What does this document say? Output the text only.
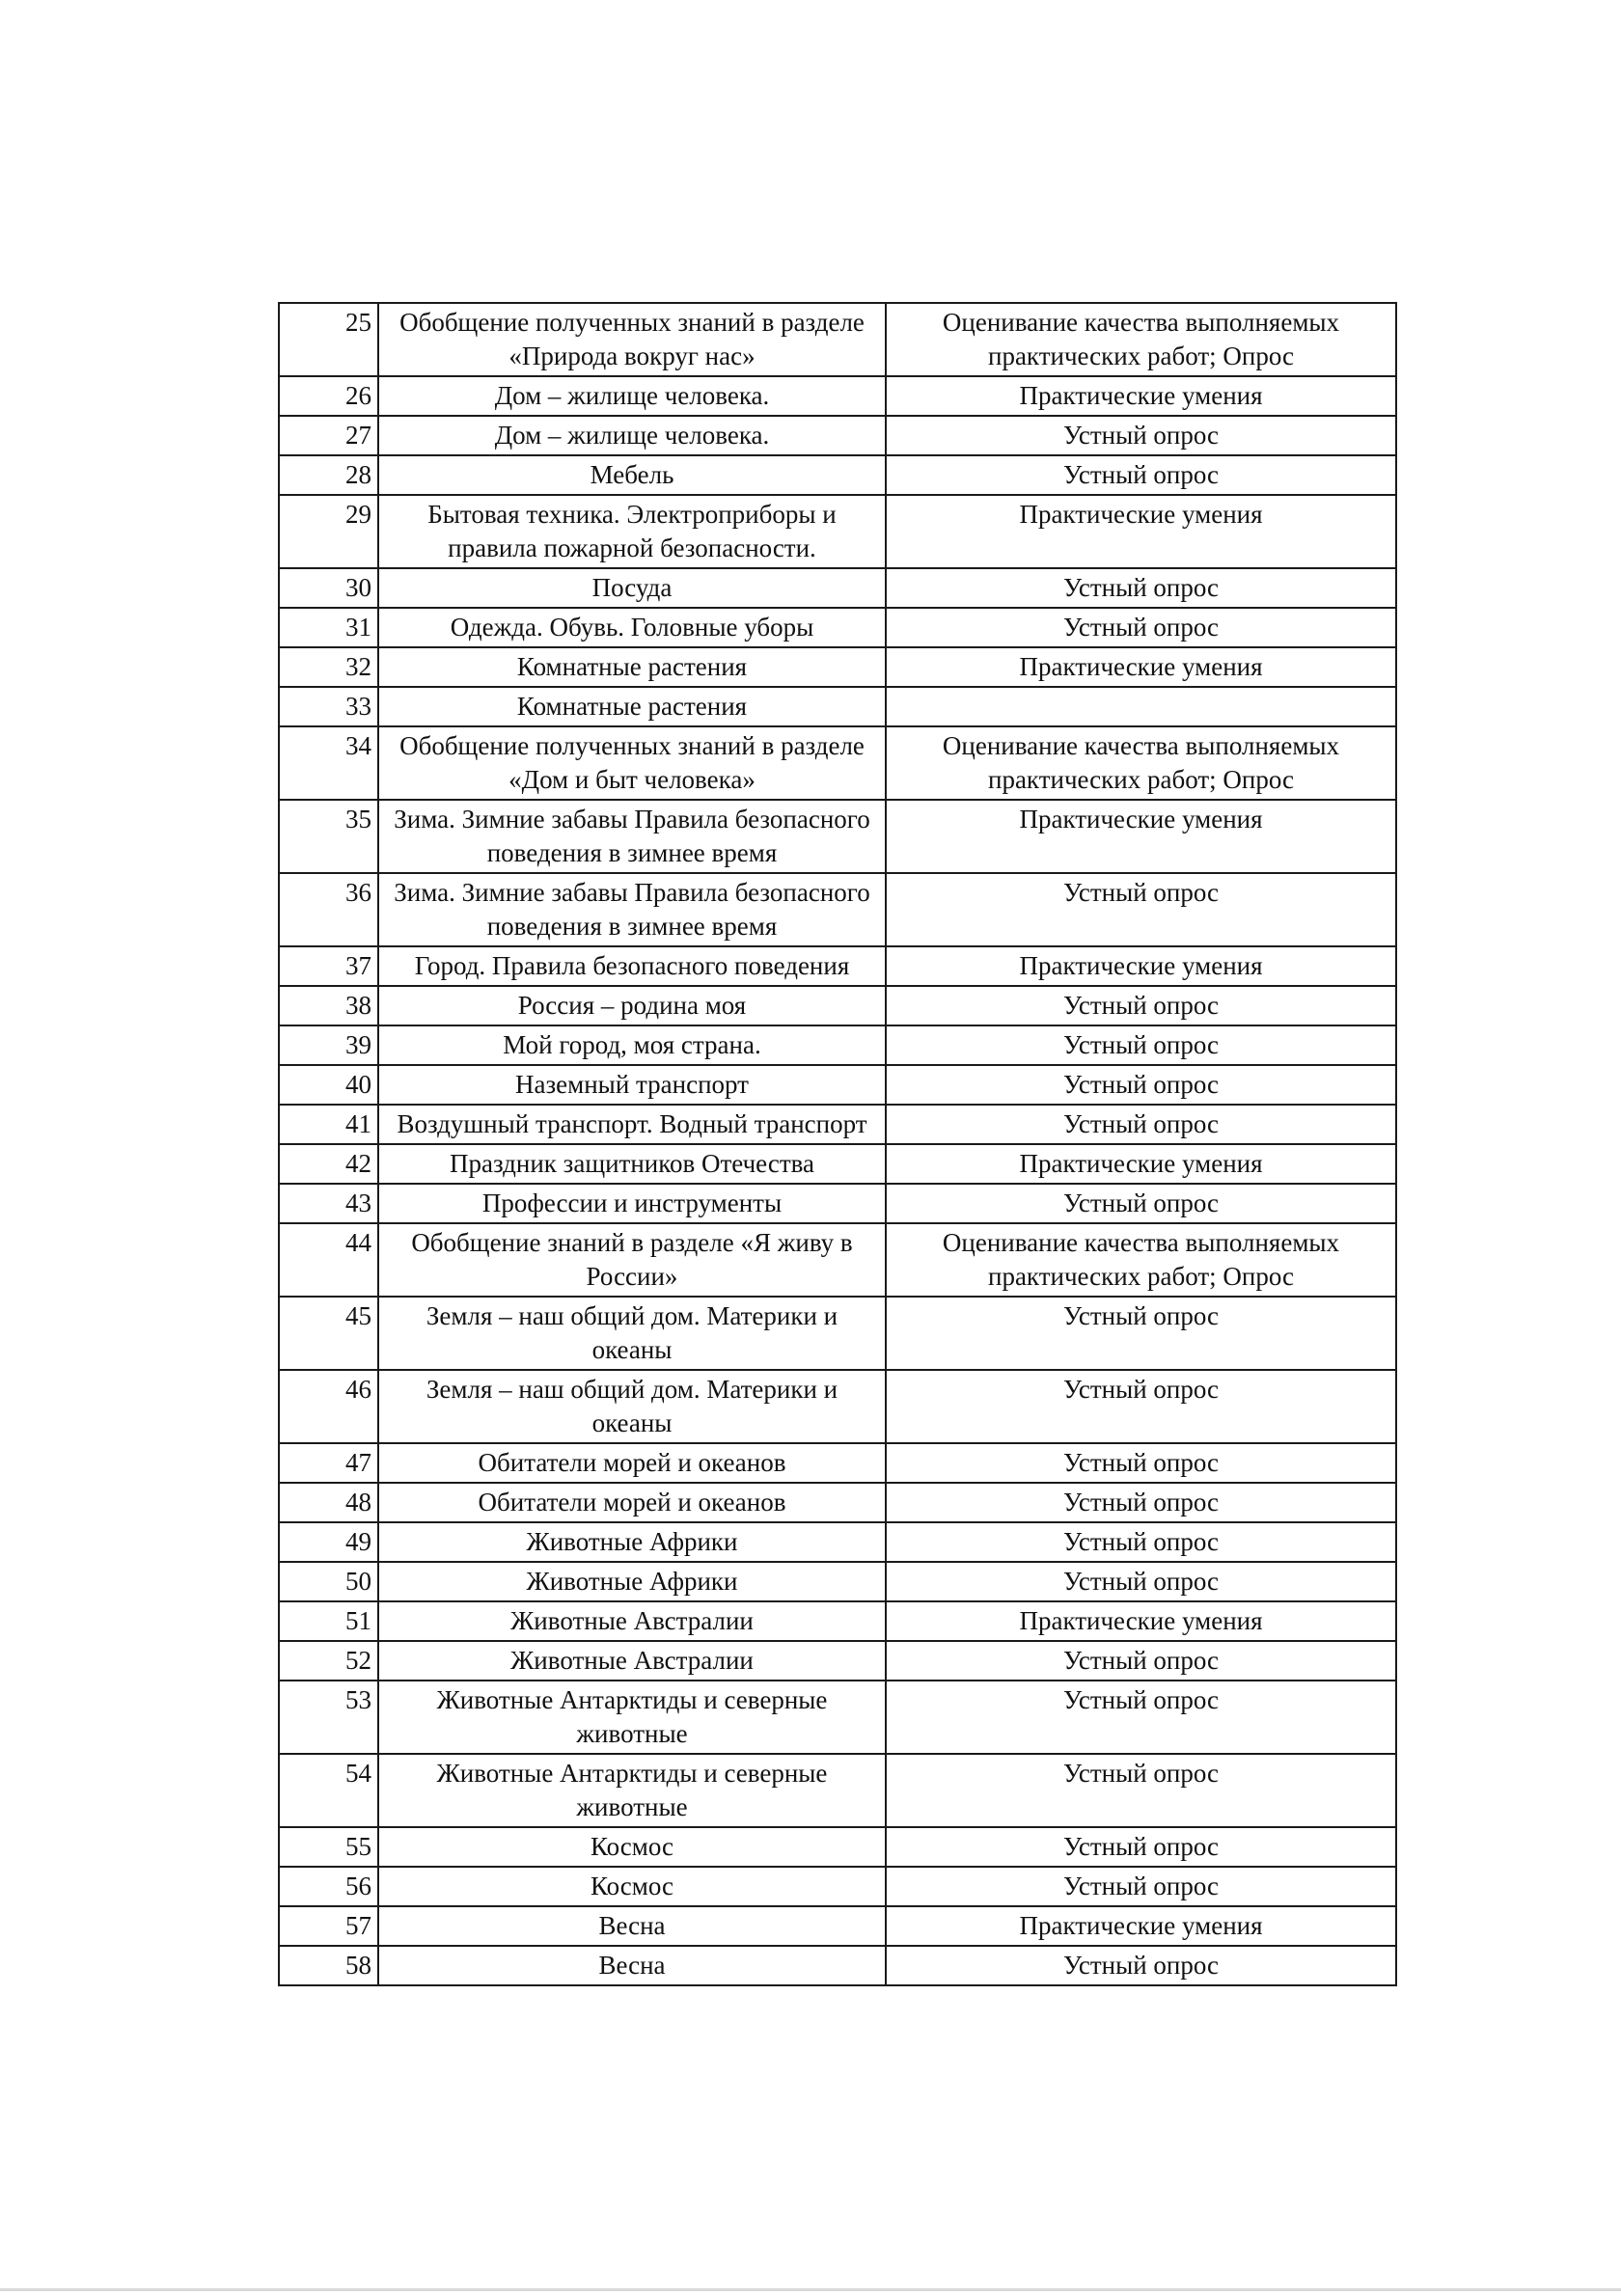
25	Обобщение полученных знаний в разделе «Природа вокруг нас»	Оценивание качества выполняемых практических работ; Опрос
26	Дом – жилище человека.	Практические умения
27	Дом – жилище человека.	Устный опрос
28	Мебель	Устный опрос
29	Бытовая техника. Электроприборы и правила пожарной безопасности.	Практические умения
30	Посуда	Устный опрос
31	Одежда. Обувь. Головные уборы	Устный опрос
32	Комнатные растения	Практические умения
33	Комнатные растения	
34	Обобщение полученных знаний в разделе «Дом и быт человека»	Оценивание качества выполняемых практических работ; Опрос
35	Зима. Зимние забавы Правила безопасного поведения в зимнее время	Практические умения
36	Зима. Зимние забавы Правила безопасного поведения в зимнее время	Устный опрос
37	Город. Правила безопасного поведения	Практические умения
38	Россия – родина моя	Устный опрос
39	Мой город, моя страна.	Устный опрос
40	Наземный транспорт	Устный опрос
41	Воздушный транспорт. Водный транспорт	Устный опрос
42	Праздник защитников Отечества	Практические умения
43	Профессии и инструменты	Устный опрос
44	Обобщение знаний в разделе «Я живу в России»	Оценивание качества выполняемых практических работ; Опрос
45	Земля – наш общий дом. Материки и океаны	Устный опрос
46	Земля – наш общий дом. Материки и океаны	Устный опрос
47	Обитатели морей и океанов	Устный опрос
48	Обитатели морей и океанов	Устный опрос
49	Животные Африки	Устный опрос
50	Животные Африки	Устный опрос
51	Животные Австралии	Практические умения
52	Животные Австралии	Устный опрос
53	Животные Антарктиды и северные животные	Устный опрос
54	Животные Антарктиды и северные животные	Устный опрос
55	Космос	Устный опрос
56	Космос	Устный опрос
57	Весна	Практические умения
58	Весна	Устный опрос
